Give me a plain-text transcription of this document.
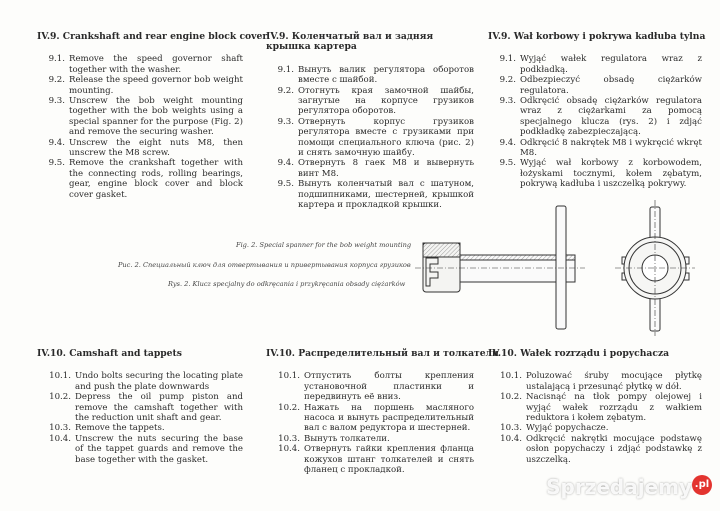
IV.9. Crankshaft and rear engine block cover
9.1. Remove the speed governor shaft together with the washer.
9.2. Release the speed governor bob weight mounting.
9.3. Unscrew the bob weight mounting together with the bob weights using a special spanner for the purpose (Fig. 2) and remove the securing washer.
9.4. Unscrew the eight nuts M8, then unscrew the M8 screw.
9.5. Remove the crankshaft together with the connecting rods, rolling bearings, gear, engine block cover and block cover gasket.
IV.9. Коленчатый вал и задняя крышка картера
9.1. Вынуть валик регулятора оборотов вместе с шайбой.
9.2. Отогнуть края замочной шайбы, загнутые на корпусе грузиков регулятора оборотов.
9.3. Отвернуть корпус грузиков регулятора вместе с грузиками при помощи специального ключа (рис. 2) и снять замочную шайбу.
9.4. Отвернуть 8 гаек M8 и вывернуть винт M8.
9.5. Вынуть коленчатый вал с шатуном, подшипниками, шестерней, крышкой картера и прокладкой крышки.
IV.9. Wał korbowy i pokrywa kadłuba tylna
9.1. Wyjąć wałek regulatora wraz z podkładką.
9.2. Odbezpieczyć obsadę ciężarków regulatora.
9.3. Odkręcić obsadę ciężarków regulatora wraz z ciężarkami za pomocą specjalnego klucza (rys. 2) i zdjąć podkładkę zabezpieczającą.
9.4. Odkręcić 8 nakrętek M8 i wykręcić wkręt M8.
9.5. Wyjąć wał korbowy z korbowodem, łożyskami tocznymi, kołem zębatym, pokrywą kadłuba i uszczelką pokrywy.
Fig. 2. Special spanner for the bob weight mounting
Рис. 2. Специальный ключ для отвертывания и привертывания корпуса грузиков
Rys. 2. Klucz specjalny do odkręcania i przykręcania obsady ciężarków
IV.10. Camshaft and tappets
10.1. Undo bolts securing the locating plate and push the plate downwards
10.2. Depress the oil pump piston and remove the camshaft together with the reduction unit shaft and gear.
10.3. Remove the tappets.
10.4. Unscrew the nuts securing the base of the tappet guards and remove the base together with the gasket.
IV.10. Распределительный вал и толкатели
10.1. Отпустить болты крепления установочной пластинки и передвинуть её вниз.
10.2. Нажать на поршень масляного насоса и вынуть распределительный вал с валом редуктора и шестерней.
10.3. Вынуть толкатели.
10.4. Отвернуть гайки крепления фланца кожухов штанг толкателей и снять фланец с прокладкой.
IV.10. Wałek rozrządu i popychacza
10.1. Poluzować śruby mocujące płytkę ustalającą i przesunąć płytkę w dół.
10.2. Nacisnąć na tłok pompy olejowej i wyjąć wałek rozrządu z wałkiem reduktora i kołem zębatym.
10.3. Wyjąć popychacze.
10.4. Odkręcić nakrętki mocujące podstawę osłon popychaczy i zdjąć podstawkę z uszczelką.
Sprzedajemy .pl
